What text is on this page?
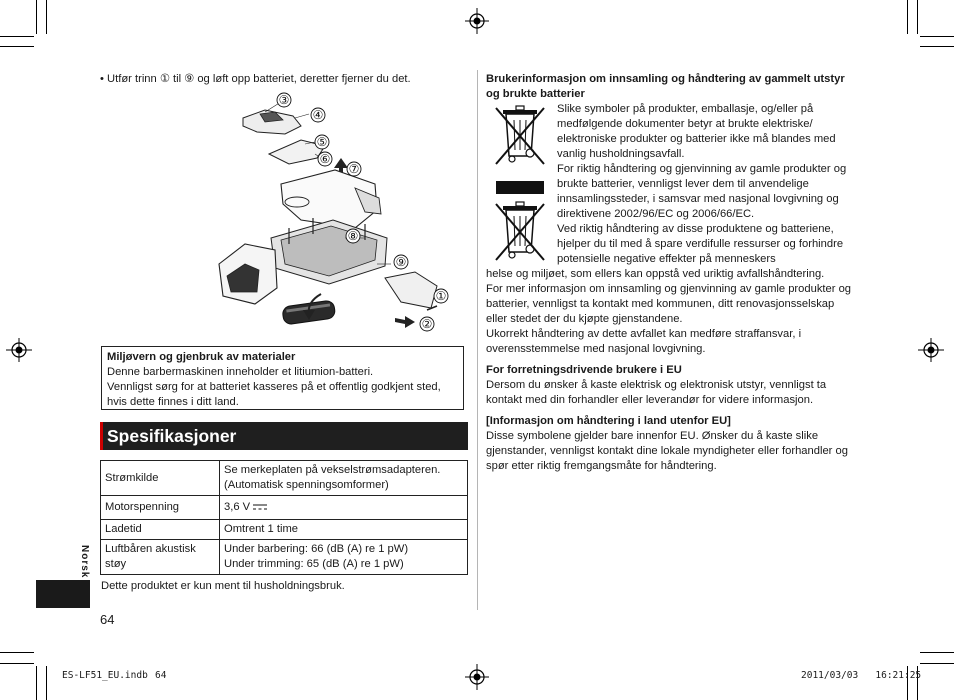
• Utfør trinn ① til ⑨ og løft opp batteriet, deretter fjerner du det.
③
④
⑤
⑥
⑦
⑧
⑨
①
②

Miljøvern og gjenbruk av materialer

Denne barbermaskinen inneholder et litiumion-batteri.

Vennligst sørg for at batteriet kasseres på et offentlig godkjent sted, hvis dette finnes i ditt land.

Spesifikasjoner
Strømkilde	Se merkeplaten på vekselstrømsadapteren.
(Automatisk spenningsomformer)

Motorspenning	3,6 V
Ladetid	Omtrent 1 time
Luftbåren akustisk støy	Under barbering: 66 (dB (A) re 1 pW)
Under trimming: 65 (dB (A) re 1 pW)
Dette produktet er kun ment til husholdningsbruk.
Norsk
64
Brukerinformasjon om innsamling og håndtering av gammelt utstyr og brukte batterier

Slike symboler på produkter, emballasje, og/eller på medfølgende dokumenter betyr at brukte elektriske/ elektroniske produkter og batterier ikke må blandes med vanlig husholdningsavfall.

For riktig håndtering og gjenvinning av gamle produkter og brukte batterier, vennligst lever dem til anvendelige innsamlingssteder, i samsvar med nasjonal lovgivning og direktivene 2002/96/EC og 2006/66/EC.

Ved riktig håndtering av disse produktene og batteriene, hjelper du til med å spare verdifulle ressurser og forhindre potensielle negative effekter på menneskers

helse og miljøet, som ellers kan oppstå ved uriktig avfallshåndtering.

For mer informasjon om innsamling og gjenvinning av gamle produkter og batterier, vennligst ta kontakt med kommunen, ditt renovasjonsselskap eller stedet der du kjøpte gjenstandene.

Ukorrekt håndtering av dette avfallet kan medføre straffansvar, i overensstemmelse med nasjonal lovgivning.

For forretningsdrivende brukere i EU

Dersom du ønsker å kaste elektrisk og elektronisk utstyr, vennligst ta kontakt med din forhandler eller leverandør for videre informasjon.

[Informasjon om håndtering i land utenfor EU]

Disse symbolene gjelder bare innenfor EU. Ønsker du å kaste slike gjenstander, vennligst kontakt dine lokale myndigheter eller forhandler og spør etter riktig fremgangsmåte for håndtering.

ES-LF51_EU.indb 64	2011/03/03 16:21:25
